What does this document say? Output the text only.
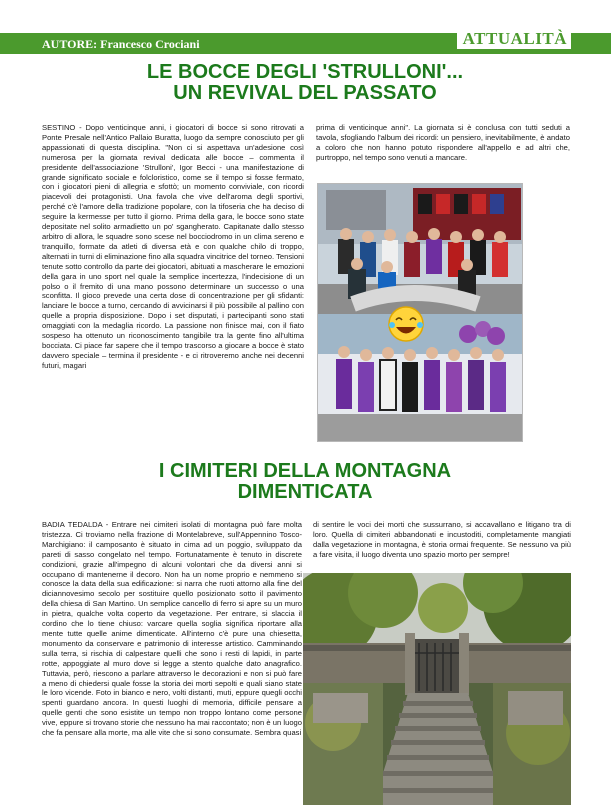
AUTORE: Francesco Crociani	ATTUALITÀ
LE BOCCE DEGLI 'STRULLONI'...
UN REVIVAL DEL PASSATO

SESTINO - Dopo venticinque anni, i giocatori di bocce si sono ritrovati a Ponte Presale nell'Antico Pallaio Buratta, luogo da sempre conosciuto per gli appassionati di questa disciplina. "Non ci si aspettava un'adesione così numerosa per la giornata revival dedicata alle bocce – commenta il presidente dell'associazione 'Strulloni', Igor Becci - una manifestazione di grande significato sociale e folcloristico, come se il tempo si fosse fermato, con i giocatori pieni di allegria e sfottò; un momento conviviale, con ricordi piacevoli dei protagonisti. Una favola che vive dell'aroma degli sportivi, perché c'è l'amore della tradizione popolare, con la tifoseria che ha deciso di seguire la kermesse per tutto il giorno. Prima della gara, le bocce sono state depositate nel solito armadietto un po' sgangherato. Capitanate dallo stesso arbitro di allora, le squadre sono scese nel bocciodromo in un clima sereno e tranquillo, formate da atleti di diversa età e con qualche chilo di troppo, alternati in turni di eliminazione fino alla squadra vincitrice del torneo. Tensioni tenute sotto controllo da parte dei giocatori, abituati a mascherare le emozioni della gara in uno sport nel quale la semplice incertezza, l'indecisione di un polso o il fremito di una mano possono determinare un successo o una sconfitta. Il gioco prevede una certa dose di concentrazione per gli sfidanti: lanciare le bocce a turno, cercando di avvicinarsi il più possibile al pallino con quelle a propria disposizione. Dopo i set disputati, i partecipanti sono stati omaggiati con la medaglia ricordo. La passione non finisce mai, con il fiato sospeso ha ottenuto un riconoscimento tangibile tra la gente fino all'ultima bocciata. Ci piace far sapere che il tempo trascorso a giocare a bocce è stato davvero speciale – termina il presidente - e ci ritroveremo anche nei decenni futuri, magari

prima di venticinque anni". La giornata si è conclusa con tutti seduti a tavola, sfogliando l'album dei ricordi: un pensiero, inevitabilmente, è andato a coloro che non hanno potuto rispondere all'appello e ad altri che, purtroppo, nel tempo sono venuti a mancare.

I CIMITERI DELLA MONTAGNA
DIMENTICATA

BADIA TEDALDA - Entrare nei cimiteri isolati di montagna può fare molta tristezza. Ci troviamo nella frazione di Montelabreve, sull'Appennino Tosco-Marchigiano: il camposanto è situato in cima ad un poggio, sviluppato da pareti di sasso congelato nel tempo. Fortunatamente è tenuto in discrete condizioni, grazie all'impegno di alcuni volontari che da diversi anni si occupano di mantenerne il decoro. Non ha un nome proprio e nemmeno si conosce la data della sua edificazione: si narra che ruoti attorno alla fine del diciannovesimo secolo per sostituire quello posizionato sotto il pavimento della chiesa di San Martino. Un semplice cancello di ferro si apre su un muro in pietra, qualche volta coperto da vegetazione. Per entrare, si slaccia il cordino che lo tiene chiuso: varcare quella soglia significa riportare alla mente tutte quelle anime dimenticate. All'interno c'è pure una chiesetta, monumento da conservare e patrimonio di interesse artistico. Camminando sulla terra, si rischia di calpestare quelli che sono i resti di lapidi, in parte rotte, appoggiate al muro dove si legge a stento qualche dato anagrafico. Tuttavia, però, riescono a parlare attraverso le decorazioni e non si può fare a meno di chiedersi quale fosse la storia dei morti sepolti e quali siano state le loro vicende. Foto in bianco e nero, volti distanti, muti, eppure quegli occhi spenti guardano ancora. In questi luoghi di memoria, difficile pensare a quelle genti che sono esistite un tempo non troppo lontano come persone vive, eppure si trovano storie che nessuno ha mai raccontato; non è un luogo che fa pensare alla morte, ma alle vite che si sono consumate. Sembra quasi

di sentire le voci dei morti che sussurrano, si accavallano e litigano tra di loro. Quella di cimiteri abbandonati e incustoditi, completamente mangiati dalla vegetazione in montagna, è storia ormai frequente. Se nessuno va più a fare visita, il luogo diventa uno spazio morto per sempre!
